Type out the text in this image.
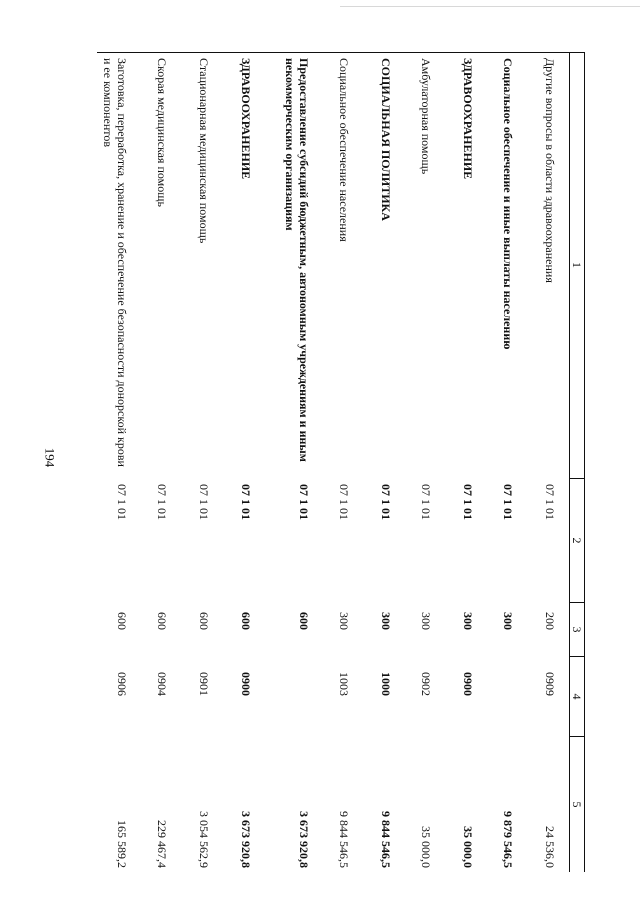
194
1
2
3
4
5
Другие вопросы в области здравоохранения
07 1 01
200
0909
24 536,0
Социальное обеспечение и иные выплаты населению
07 1 01
300
9 879 546,5
ЗДРАВООХРАНЕНИЕ
07 1 01
300
0900
35 000,0
Амбулаторная помощь
07 1 01
300
0902
35 000,0
СОЦИАЛЬНАЯ ПОЛИТИКА
07 1 01
300
1000
9 844 546,5
Социальное обеспечение населения
07 1 01
300
1003
9 844 546,5
Предоставление субсидий бюджетным, автономным учреждениям и иным некоммерческим организациям
07 1 01
600
3 673 920,8
ЗДРАВООХРАНЕНИЕ
07 1 01
600
0900
3 673 920,8
Стационарная медицинская помощь
07 1 01
600
0901
3 054 562,9
Скорая медицинская помощь
07 1 01
600
0904
229 467,4
Заготовка, переработка, хранение и обеспечение безопасности донорской крови и ее компонентов
07 1 01
600
0906
165 589,2
